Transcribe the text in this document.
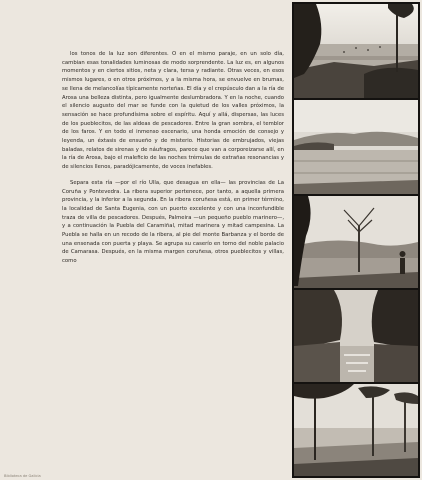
los tonos de la luz son diferentes. O en el mismo paraje, en un solo día, cambian esas tonalidades luminosas de modo sorprendente. La luz es, en algunos momentos y en ciertos sitios, neta y clara, tersa y radiante. Otras veces, en esos mismos lugares, o en otros próximos, y a la misma hora, se envuelve en brumas, se llena de melancolías típicamente norteñas. El día y el crepúsculo dan a la ría de Arosa una belleza distinta, pero igualmente deslumbradora. Y en la noche, cuando el silencio augusto del mar se funde con la quietud de los valles próximos, la sensación se hace profundísima sobre el espíritu. Aquí y allá, dispersas, las luces de los pueblecitos, de las aldeas de pescadores. Entre la gran sombra, el temblor de los faros. Y en todo el inmenso escenario, una honda emoción de consejo y leyenda, un éxtasis de ensueño y de misterio. Historias de embrujados, viejas baladas, relatos de sirenas y de náufragos, parece que van a corporeizarse allí, en la ría de Arosa, bajo el maleficio de las noches trémulas de extrañas resonancias y de silencios llenos, paradójicamente, de voces inefables.

Separa esta ría —por el río Ulla, que desagua en ella— las provincias de La Coruña y Pontevedra. La ribera superior pertenece, por tanto, a aquella primera provincia, y la inferior a la segunda. En la ribera coruñesa está, en primer término, la localidad de Santa Eugenia, con un puerto excelente y con una inconfundible traza de villa de pescadores. Después, Palmeira —un pequeño pueblo marinero—, y a continuación la Puebla del Caramiñal, mitad marinera y mitad campesina. La Puebla se halla en un recodo de la ribera, al pie del monte Barbanza y el borde de una ensenada con puerta y playa. Se agrupa su caserío en torno del noble palacio de Camarasa. Después, en la misma margen coruñesa, otros pueblecitos y villas, como

Biblioteca de Galicia
